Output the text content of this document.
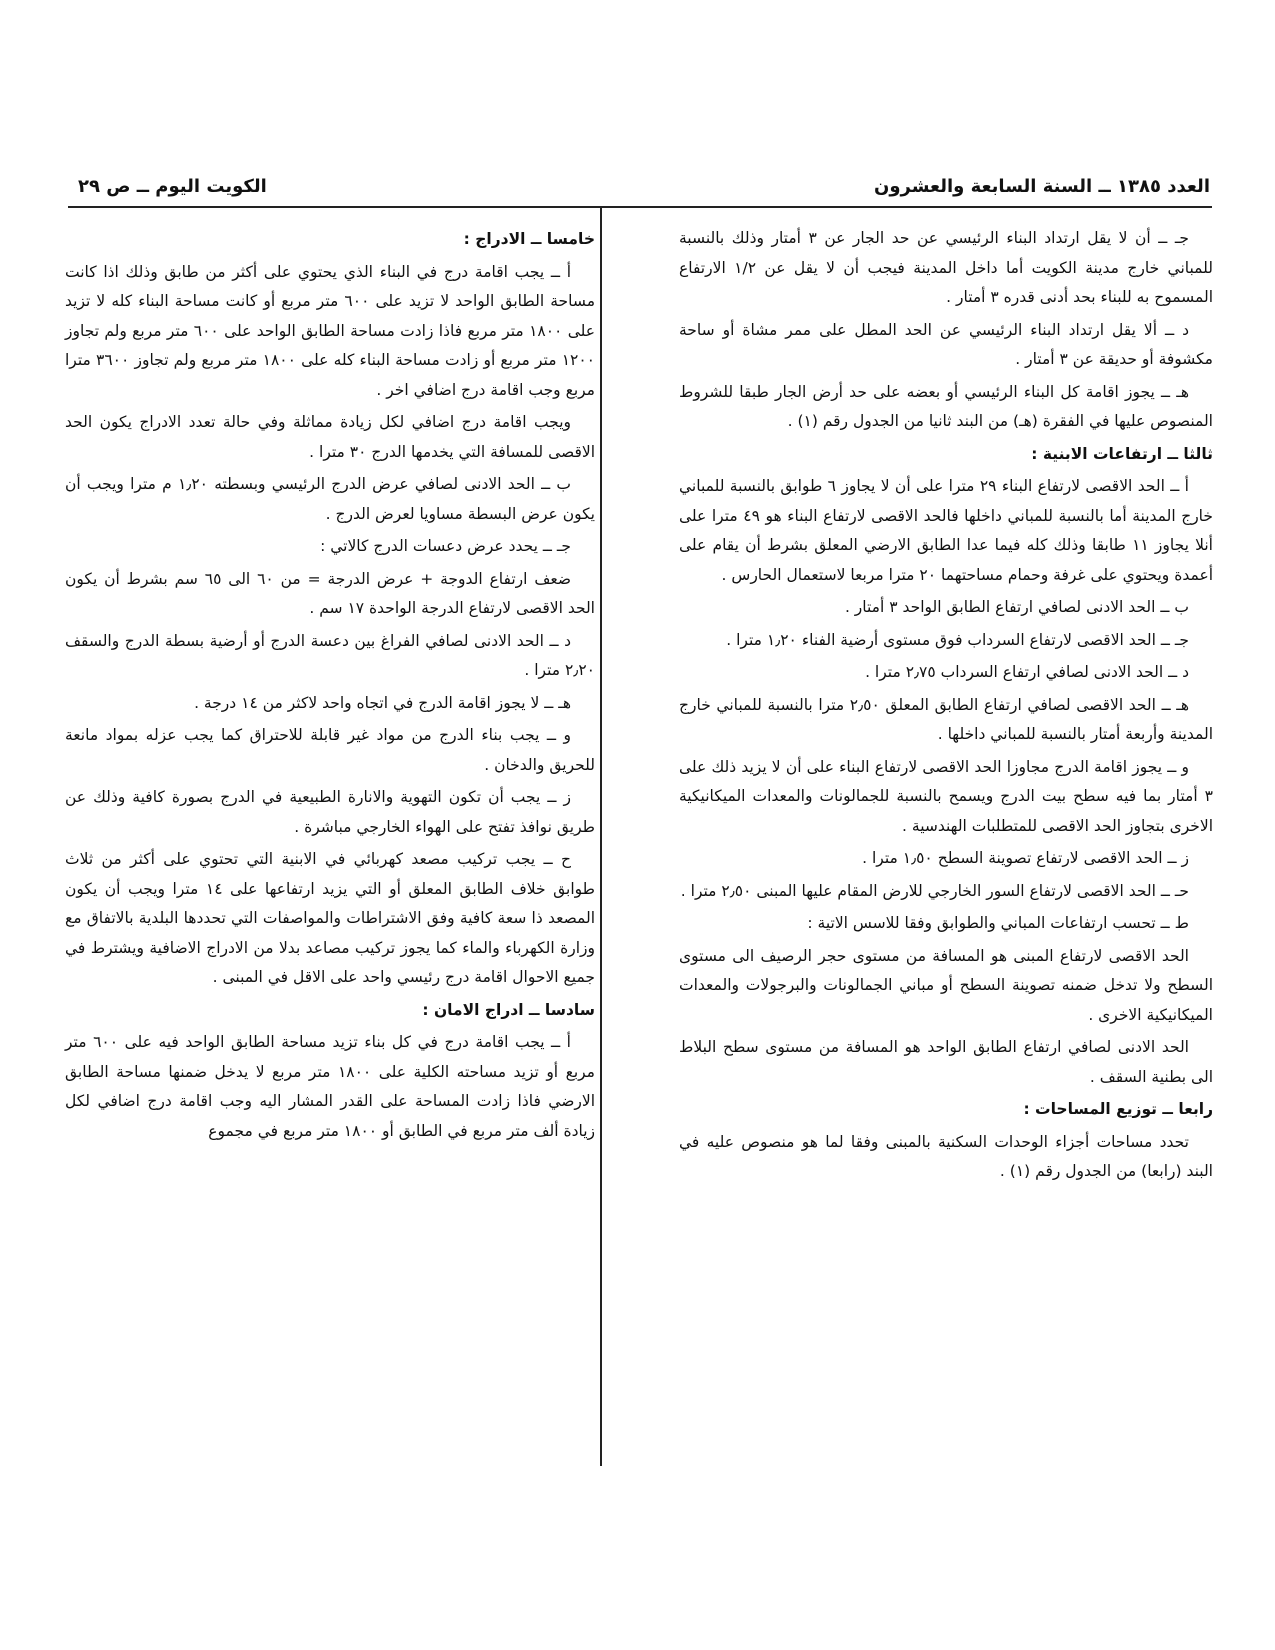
العدد ١٣٨٥ ــ السنة السابعة والعشرون
الكويت اليوم ــ ص ٢٩

جـ ــ أن لا يقل ارتداد البناء الرئيسي عن حد الجار عن ٣ أمتار وذلك بالنسبة للمباني خارج مدينة الكويت أما داخل المدينة فيجب أن لا يقل عن ١/٢ الارتفاع المسموح به للبناء بحد أدنى قدره ٣ أمتار .

د ــ ألا يقل ارتداد البناء الرئيسي عن الحد المطل على ممر مشاة أو ساحة مكشوفة أو حديقة عن ٣ أمتار .

هـ ــ يجوز اقامة كل البناء الرئيسي أو بعضه على حد أرض الجار طبقا للشروط المنصوص عليها في الفقرة (هـ) من البند ثانيا من الجدول رقم (١) .

ثالثا ــ ارتفاعات الابنية :

أ ــ الحد الاقصى لارتفاع البناء ٢٩ مترا على أن لا يجاوز ٦ طوابق بالنسبة للمباني خارج المدينة أما بالنسبة للمباني داخلها فالحد الاقصى لارتفاع البناء هو ٤٩ مترا على أنلا يجاوز ١١ طابقا وذلك كله فيما عدا الطابق الارضي المعلق بشرط أن يقام على أعمدة ويحتوي على غرفة وحمام مساحتهما ٢٠ مترا مربعا لاستعمال الحارس .

ب ــ الحد الادنى لصافي ارتفاع الطابق الواحد ٣ أمتار .

جـ ــ الحد الاقصى لارتفاع السرداب فوق مستوى أرضية الفناء ١٫٢٠ مترا .

د ــ الحد الادنى لصافي ارتفاع السرداب ٢٫٧٥ مترا .

هـ ــ الحد الاقصى لصافي ارتفاع الطابق المعلق ٢٫٥٠ مترا بالنسبة للمباني خارج المدينة وأربعة أمتار بالنسبة للمباني داخلها .

و ــ يجوز اقامة الدرج مجاوزا الحد الاقصى لارتفاع البناء على أن لا يزيد ذلك على ٣ أمتار بما فيه سطح بيت الدرج ويسمح بالنسبة للجمالونات والمعدات الميكانيكية الاخرى بتجاوز الحد الاقصى للمتطلبات الهندسية .

ز ــ الحد الاقصى لارتفاع تصوينة السطح ١٫٥٠ مترا .

حـ ــ الحد الاقصى لارتفاع السور الخارجي للارض المقام عليها المبنى ٢٫٥٠ مترا .

ط ــ تحسب ارتفاعات المباني والطوابق وفقا للاسس الاتية :

الحد الاقصى لارتفاع المبنى هو المسافة من مستوى حجر الرصيف الى مستوى السطح ولا تدخل ضمنه تصوينة السطح أو مباني الجمالونات والبرجولات والمعدات الميكانيكية الاخرى .

الحد الادنى لصافي ارتفاع الطابق الواحد هو المسافة من مستوى سطح البلاط الى بطنية السقف .

رابعا ــ توزيع المساحات :

تحدد مساحات أجزاء الوحدات السكنية بالمبنى وفقا لما هو منصوص عليه في البند (رابعا) من الجدول رقم (١) .

خامسا ــ الادراج :

أ ــ يجب اقامة درج في البناء الذي يحتوي على أكثر من طابق وذلك اذا كانت مساحة الطابق الواحد لا تزيد على ٦٠٠ متر مربع أو كانت مساحة البناء كله لا تزيد على ١٨٠٠ متر مربع فاذا زادت مساحة الطابق الواحد على ٦٠٠ متر مربع ولم تجاوز ١٢٠٠ متر مربع أو زادت مساحة البناء كله على ١٨٠٠ متر مربع ولم تجاوز ٣٦٠٠ مترا مربع وجب اقامة درج اضافي اخر .

ويجب اقامة درج اضافي لكل زيادة مماثلة وفي حالة تعدد الادراج يكون الحد الاقصى للمسافة التي يخدمها الدرج ٣٠ مترا .

ب ــ الحد الادنى لصافي عرض الدرج الرئيسي وبسطته ١٫٢٠ م مترا ويجب أن يكون عرض البسطة مساويا لعرض الدرج .

جـ ــ يحدد عرض دعسات الدرج كالاتي :

ضعف ارتفاع الدوجة + عرض الدرجة = من ٦٠ الى ٦٥ سم بشرط أن يكون الحد الاقصى لارتفاع الدرجة الواحدة ١٧ سم .

د ــ الحد الادنى لصافي الفراغ بين دعسة الدرج أو أرضية بسطة الدرج والسقف ٢٫٢٠ مترا .

هـ ــ لا يجوز اقامة الدرج في اتجاه واحد لاكثر من ١٤ درجة .

و ــ يجب بناء الدرج من مواد غير قابلة للاحتراق كما يجب عزله بمواد مانعة للحريق والدخان .

ز ــ يجب أن تكون التهوية والانارة الطبيعية في الدرج بصورة كافية وذلك عن طريق نوافذ تفتح على الهواء الخارجي مباشرة .

ح ــ يجب تركيب مصعد كهربائي في الابنية التي تحتوي على أكثر من ثلاث طوابق خلاف الطابق المعلق أو التي يزيد ارتفاعها على ١٤ مترا ويجب أن يكون المصعد ذا سعة كافية وفق الاشتراطات والمواصفات التي تحددها البلدية بالاتفاق مع وزارة الكهرباء والماء كما يجوز تركيب مصاعد بدلا من الادراج الاضافية ويشترط في جميع الاحوال اقامة درج رئيسي واحد على الاقل في المبنى .

سادسا ــ ادراج الامان :

أ ــ يجب اقامة درج في كل بناء تزيد مساحة الطابق الواحد فيه على ٦٠٠ متر مربع أو تزيد مساحته الكلية على ١٨٠٠ متر مربع لا يدخل ضمنها مساحة الطابق الارضي فاذا زادت المساحة على القدر المشار اليه وجب اقامة درج اضافي لكل زيادة ألف متر مربع في الطابق أو ١٨٠٠ متر مربع في مجموع
